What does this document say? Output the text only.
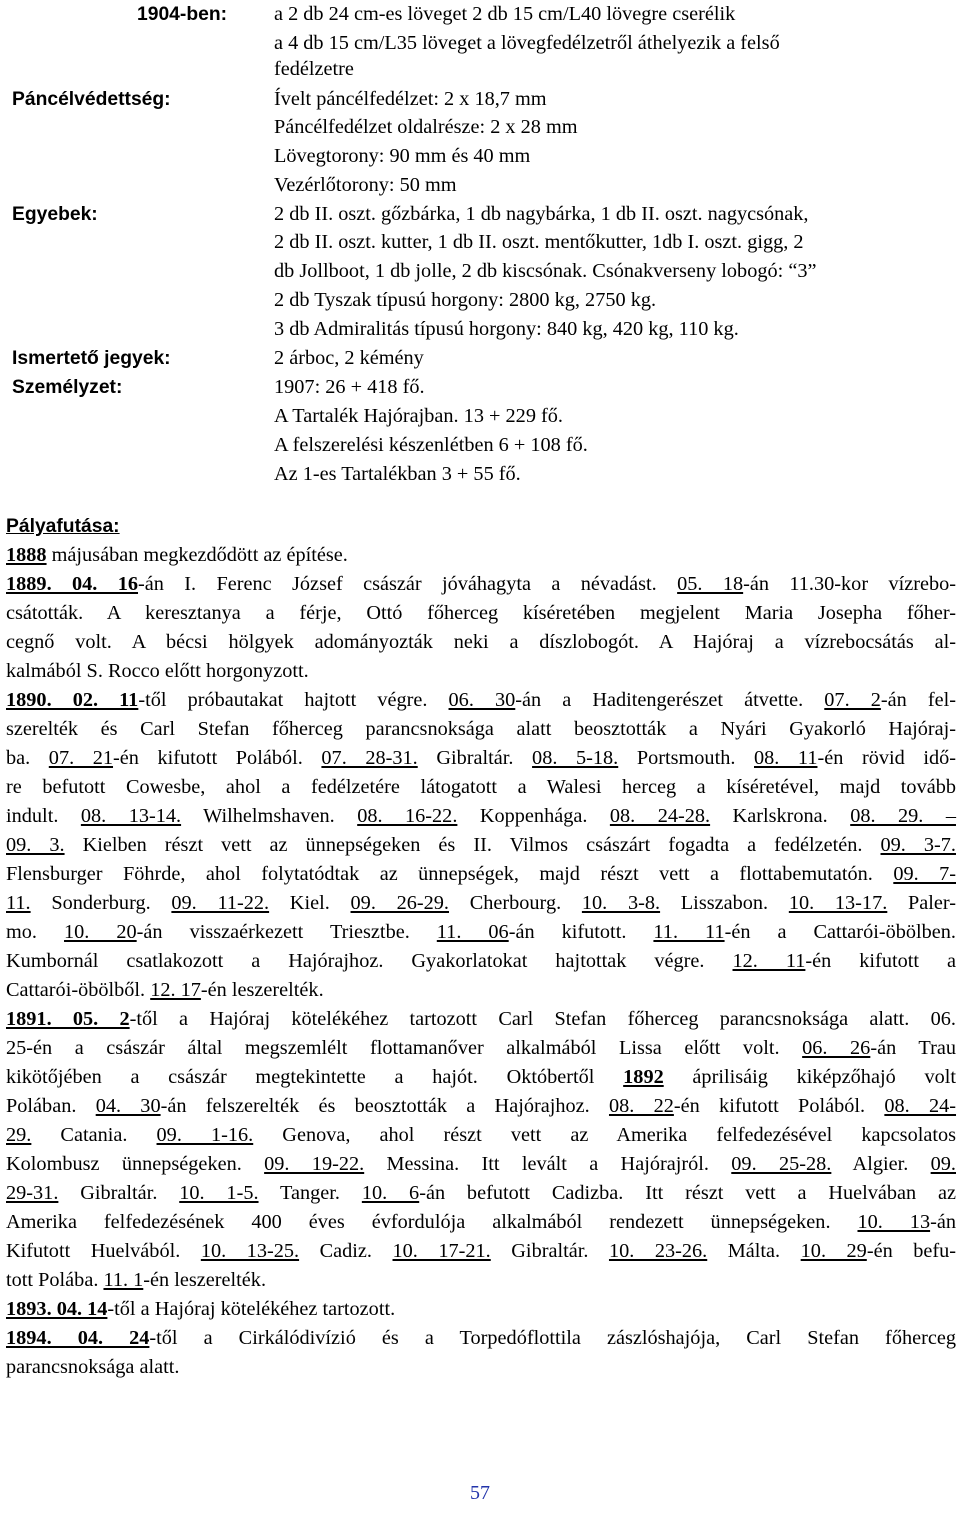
1904-ben: a 2 db 24 cm-es löveget 2 db 15 cm/L40 lövegre cserélik
a 4 db 15 cm/L35 löveget a lövegfedélzetről áthelyezik a felső
fedélzetre
Páncélvédettség:	Ívelt páncélfedélzet: 2 x 18,7 mm
Páncélfedélzet oldalrésze: 2 x 28 mm
Lövegtorony: 90 mm és 40 mm
Vezérlőtorony: 50 mm
Egyebek:	2 db II. oszt. gőzbárka, 1 db nagybárka, 1 db II. oszt. nagycsónak,
2 db II. oszt. kutter, 1 db II. oszt. mentőkutter, 1db I. oszt. gigg, 2
db Jollboot, 1 db jolle, 2 db kiscsónak. Csónakverseny lobogó: “3”
2 db Tyszak típusú horgony: 2800 kg, 2750 kg.
3 db Admiralitás típusú horgony: 840 kg, 420 kg, 110 kg.
Ismertető jegyek:	2 árboc, 2 kémény
Személyzet:	1907: 26 + 418 fő.
A Tartalék Hajórajban. 13 + 229 fő.
A felszerelési készenlétben 6 + 108 fő.
Az 1-es Tartalékban 3 + 55 fő.
Pályafutása:
1888 májusában megkezdődött az építése.
1889. 04. 16-án I. Ferenc József császár jóváhagyta a névadást. 05. 18-án 11.30-kor vízrebo-
csátották. A keresztanya a férje, Ottó főherceg kíséretében megjelent Maria Josepha főher-
cegnő volt. A bécsi hölgyek adományozták neki a díszlobogót. A Hajóraj a vízrebocsátás al-
kalmából S. Rocco előtt horgonyzott.
1890. 02. 11-től próbautakat hajtott végre. 06. 30-án a Haditengerészet átvette. 07. 2-án fel-
szerelték és Carl Stefan főherceg parancsnoksága alatt beosztották a Nyári Gyakorló Hajóraj-
ba. 07. 21-én kifutott Polából. 07. 28-31. Gibraltár. 08. 5-18. Portsmouth. 08. 11-én rövid idő-
re befutott Cowesbe, ahol a fedélzetére látogatott a Walesi herceg a kíséretével, majd tovább
indult. 08. 13-14. Wilhelmshaven. 08. 16-22. Koppenhága. 08. 24-28. Karlskrona. 08. 29. –
09. 3. Kielben részt vett az ünnepségeken és II. Vilmos császárt fogadta a fedélzetén. 09. 3-7.
Flensburger Föhrde, ahol folytatódtak az ünnepségek, majd részt vett a flottabemutatón. 09. 7-
11. Sonderburg. 09. 11-22. Kiel. 09. 26-29. Cherbourg. 10. 3-8. Lisszabon. 10. 13-17. Paler-
mo. 10. 20-án visszaérkezett Triesztbe. 11. 06-án kifutott. 11. 11-én a Cattarói-öbölben.
Kumbornál csatlakozott a Hajórajhoz. Gyakorlatokat hajtottak végre. 12. 11-én kifutott a
Cattarói-öbölből. 12. 17-én leszerelték.
1891. 05. 2-től a Hajóraj kötelékéhez tartozott Carl Stefan főherceg parancsnoksága alatt. 06.
25-én a császár által megszemlélt flottamanőver alkalmából Lissa előtt volt. 06. 26-án Trau
kikötőjében a császár megtekintette a hajót. Októbertől 1892 áprilisáig kiképzőhajó volt
Polában. 04. 30-án felszerelték és beosztották a Hajórajhoz. 08. 22-én kifutott Polából. 08. 24-
29. Catania. 09. 1-16. Genova, ahol részt vett az Amerika felfedezésével kapcsolatos
Kolombusz ünnepségeken. 09. 19-22. Messina. Itt levált a Hajórajról. 09. 25-28. Algier. 09.
29-31. Gibraltár. 10. 1-5. Tanger. 10. 6-án befutott Cadizba. Itt részt vett a Huelvában az
Amerika felfedezésének 400 éves évfordulója alkalmából rendezett ünnepségeken. 10. 13-án
Kifutott Huelvából. 10. 13-25. Cadiz. 10. 17-21. Gibraltár. 10. 23-26. Málta. 10. 29-én befu-
tott Polába. 11. 1-én leszerelték.
1893. 04. 14-től a Hajóraj kötelékéhez tartozott.
1894. 04. 24-től a Cirkálódivízió és a Torpedóflottila zászlóshajója, Carl Stefan főherceg
parancsnoksága alatt.
57
